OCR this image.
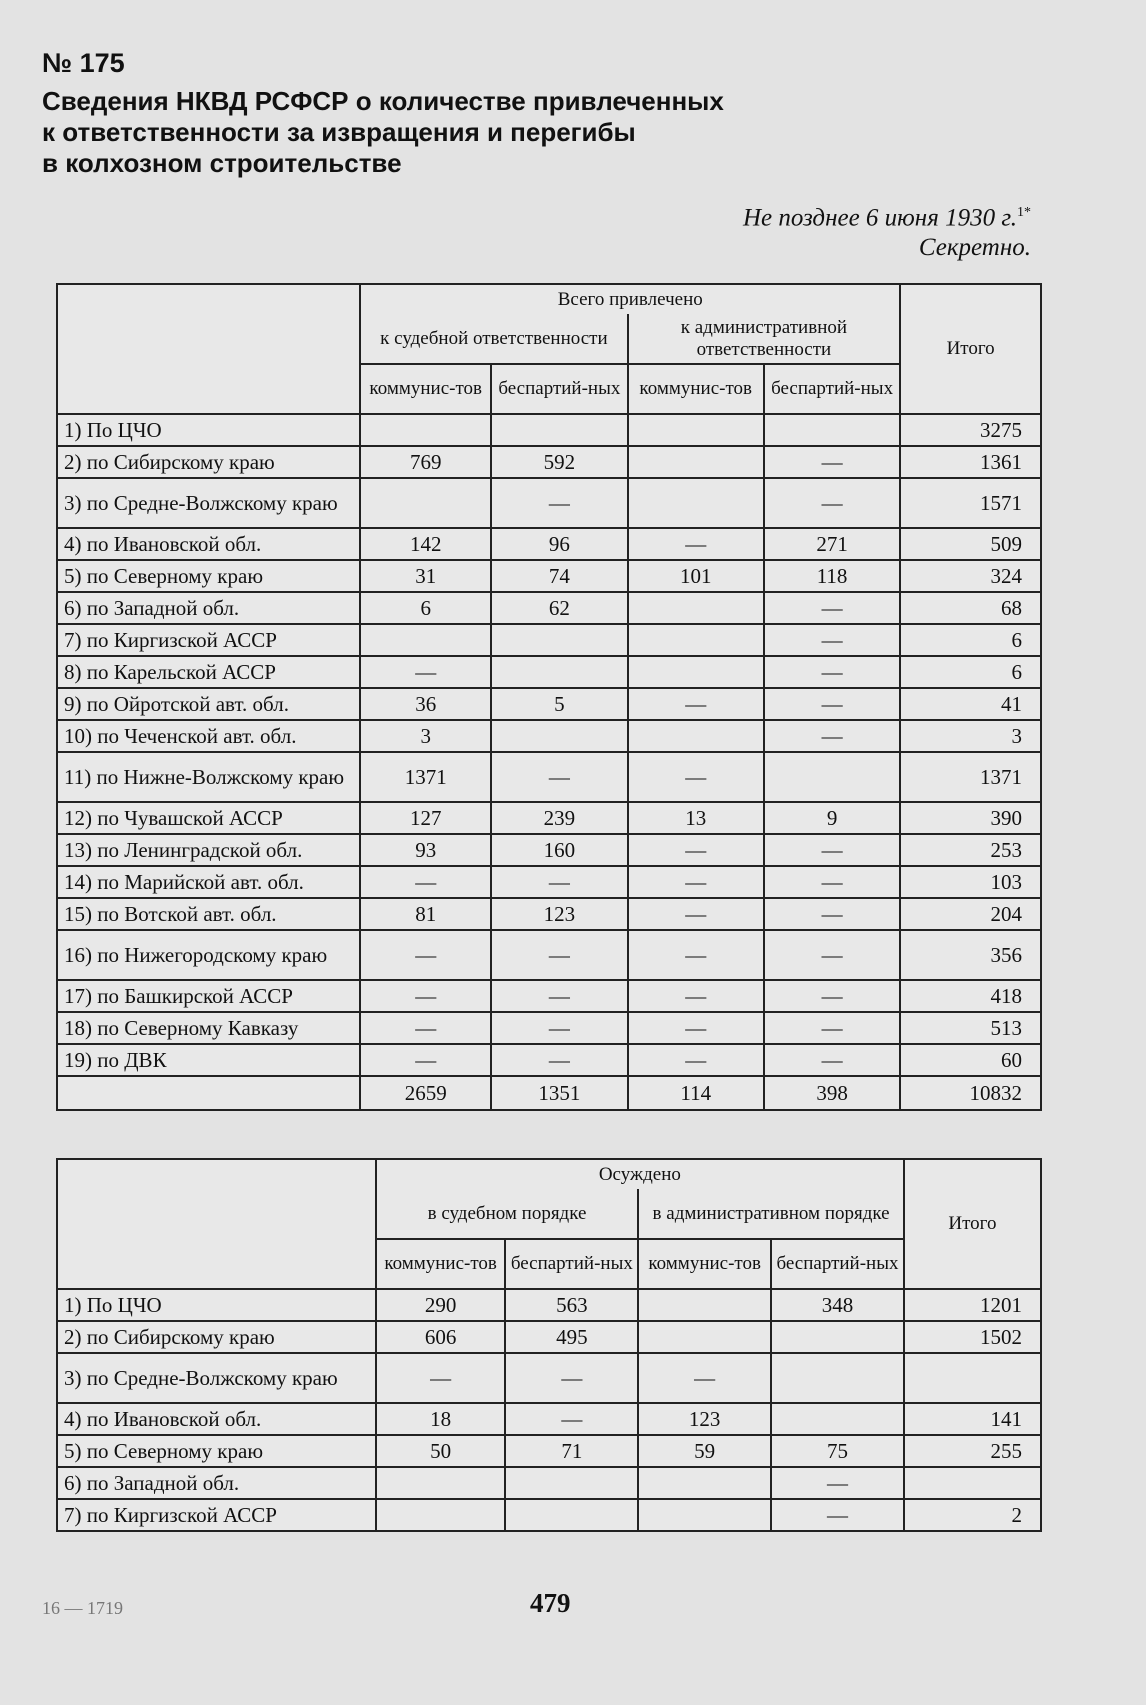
№ 175
Сведения НКВД РСФСР о количестве привлеченных
к ответственности за извращения и перегибы
в колхозном строительстве
Не позднее 6 июня 1930 г.$^{1*}$
Секретно.
	Всего привлечено				Итого
	к судебной ответственности		к административной ответственности		
	коммунис-тов	беспартий-ных	коммунис-тов	беспартий-ных	
1) По ЦЧО					3275
2) по Сибирскому краю	769	592		—	1361
3) по Средне-Волжскому краю		—		—	1571
4) по Ивановской обл.	142	96	—	271	509
5) по Северному краю	31	74	101	118	324
6) по Западной обл.	6	62		—	68
7) по Киргизской АССР				—	6
8) по Карельской АССР	—			—	6
9) по Ойротской авт. обл.	36	5	—	—	41
10) по Чеченской авт. обл.	3			—	3
11) по Нижне-Волжскому краю	1371	—	—		1371
12) по Чувашской АССР	127	239	13	9	390
13) по Ленинградской обл.	93	160	—	—	253
14) по Марийской авт. обл.	—	—	—	—	103
15) по Вотской авт. обл.	81	123	—	—	204
16) по Нижегородскому краю	—	—	—	—	356
17) по Башкирской АССР	—	—	—	—	418
18) по Северному Кавказу	—	—	—	—	513
19) по ДВК	—	—	—	—	60
	2659	1351	114	398	10832
	Осуждено				Итого
	в судебном порядке		в административном порядке		
	коммунис-тов	беспартий-ных	коммунис-тов	беспартий-ных	
1) По ЦЧО	290	563		348	1201
2) по Сибирскому краю	606	495			1502
3) по Средне-Волжскому краю	—	—	—		
4) по Ивановской обл.	18	—	123		141
5) по Северному краю	50	71	59	75	255
6) по Западной обл.				—	
7) по Киргизской АССР				—	2
16 — 1719	479
